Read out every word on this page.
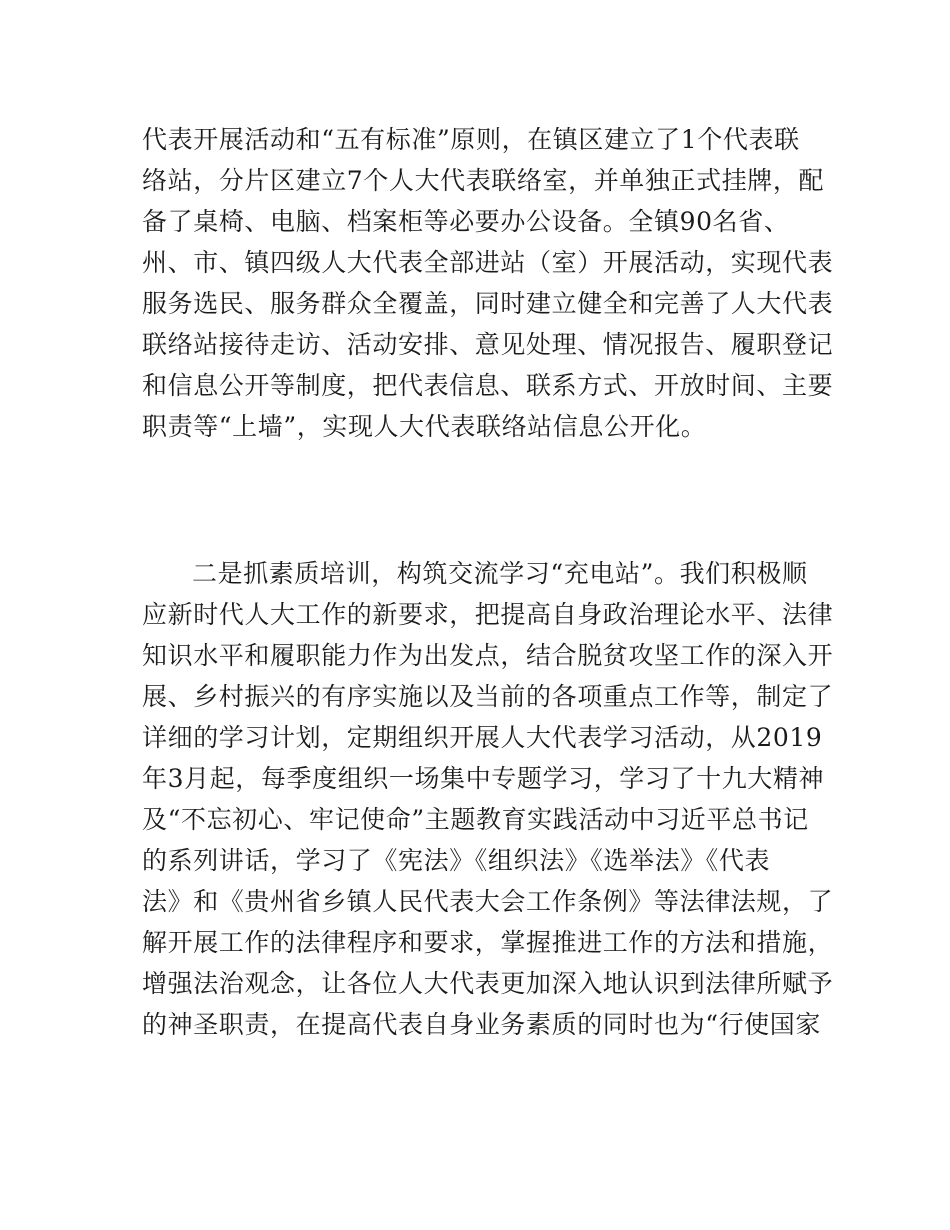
代表开展活动和“五有标准”原则，在镇区建立了1个代表联
络站，分片区建立7个人大代表联络室，并单独正式挂牌，配
备了桌椅、电脑、档案柜等必要办公设备。全镇90名省、
州、市、镇四级人大代表全部进站（室）开展活动，实现代表
服务选民、服务群众全覆盖，同时建立健全和完善了人大代表
联络站接待走访、活动安排、意见处理、情况报告、履职登记
和信息公开等制度，把代表信息、联系方式、开放时间、主要
职责等“上墙”，实现人大代表联络站信息公开化。
二是抓素质培训，构筑交流学习“充电站”。我们积极顺
应新时代人大工作的新要求，把提高自身政治理论水平、法律
知识水平和履职能力作为出发点，结合脱贫攻坚工作的深入开
展、乡村振兴的有序实施以及当前的各项重点工作等，制定了
详细的学习计划，定期组织开展人大代表学习活动，从2019
年3月起，每季度组织一场集中专题学习，学习了十九大精神
及“不忘初心、牢记使命”主题教育实践活动中习近平总书记
的系列讲话，学习了《宪法》《组织法》《选举法》《代表
法》和《贵州省乡镇人民代表大会工作条例》等法律法规，了
解开展工作的法律程序和要求，掌握推进工作的方法和措施，
增强法治观念，让各位人大代表更加深入地认识到法律所赋予
的神圣职责，在提高代表自身业务素质的同时也为“行使国家
